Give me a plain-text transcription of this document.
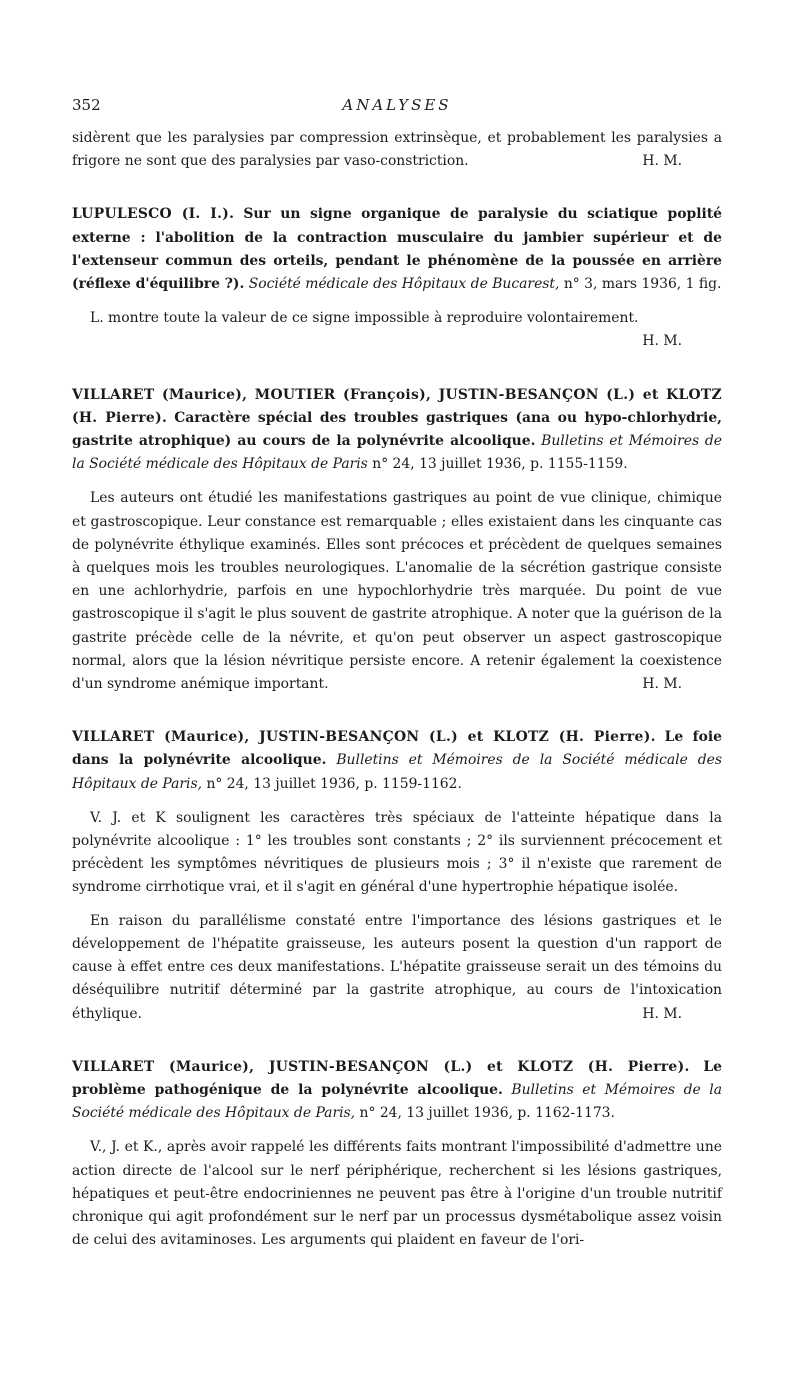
352	ANALYSES

sidèrent que les paralysies par compression extrinsèque, et probablement les paralysies a frigore ne sont que des paralysies par vaso-constriction.	H. M.

LUPULESCO (I. I.). Sur un signe organique de paralysie du sciatique poplité externe : l'abolition de la contraction musculaire du jambier supérieur et de l'extenseur commun des orteils, pendant le phénomène de la poussée en arrière (réflexe d'équilibre ?). Société médicale des Hôpitaux de Bucarest, n° 3, mars 1936, 1 fig.

L. montre toute la valeur de ce signe impossible à reproduire volontairement.

H. M.

VILLARET (Maurice), MOUTIER (François), JUSTIN-BESANÇON (L.) et KLOTZ (H. Pierre). Caractère spécial des troubles gastriques (ana ou hypo-chlorhydrie, gastrite atrophique) au cours de la polynévrite alcoolique. Bulletins et Mémoires de la Société médicale des Hôpitaux de Paris n° 24, 13 juillet 1936, p. 1155-1159.

Les auteurs ont étudié les manifestations gastriques au point de vue clinique, chimique et gastroscopique. Leur constance est remarquable ; elles existaient dans les cinquante cas de polynévrite éthylique examinés. Elles sont précoces et précèdent de quelques semaines à quelques mois les troubles neurologiques. L'anomalie de la sécrétion gastrique consiste en une achlorhydrie, parfois en une hypochlorhydrie très marquée. Du point de vue gastroscopique il s'agit le plus souvent de gastrite atrophique. A noter que la guérison de la gastrite précède celle de la névrite, et qu'on peut observer un aspect gastroscopique normal, alors que la lésion névritique persiste encore. A retenir également la coexistence d'un syndrome anémique important.	H. M.

VILLARET (Maurice), JUSTIN-BESANÇON (L.) et KLOTZ (H. Pierre). Le foie dans la polynévrite alcoolique. Bulletins et Mémoires de la Société médicale des Hôpitaux de Paris, n° 24, 13 juillet 1936, p. 1159-1162.

V. J. et K soulignent les caractères très spéciaux de l'atteinte hépatique dans la polynévrite alcoolique : 1° les troubles sont constants ; 2° ils surviennent précocement et précèdent les symptômes névritiques de plusieurs mois ; 3° il n'existe que rarement de syndrome cirrhotique vrai, et il s'agit en général d'une hypertrophie hépatique isolée.

En raison du parallélisme constaté entre l'importance des lésions gastriques et le développement de l'hépatite graisseuse, les auteurs posent la question d'un rapport de cause à effet entre ces deux manifestations. L'hépatite graisseuse serait un des témoins du déséquilibre nutritif déterminé par la gastrite atrophique, au cours de l'intoxication éthylique.	H. M.

VILLARET (Maurice), JUSTIN-BESANÇON (L.) et KLOTZ (H. Pierre). Le problème pathogénique de la polynévrite alcoolique. Bulletins et Mémoires de la Société médicale des Hôpitaux de Paris, n° 24, 13 juillet 1936, p. 1162-1173.

V., J. et K., après avoir rappelé les différents faits montrant l'impossibilité d'admettre une action directe de l'alcool sur le nerf périphérique, recherchent si les lésions gastriques, hépatiques et peut-être endocriniennes ne peuvent pas être à l'origine d'un trouble nutritif chronique qui agit profondément sur le nerf par un processus dysmétabolique assez voisin de celui des avitaminoses. Les arguments qui plaident en faveur de l'ori-
